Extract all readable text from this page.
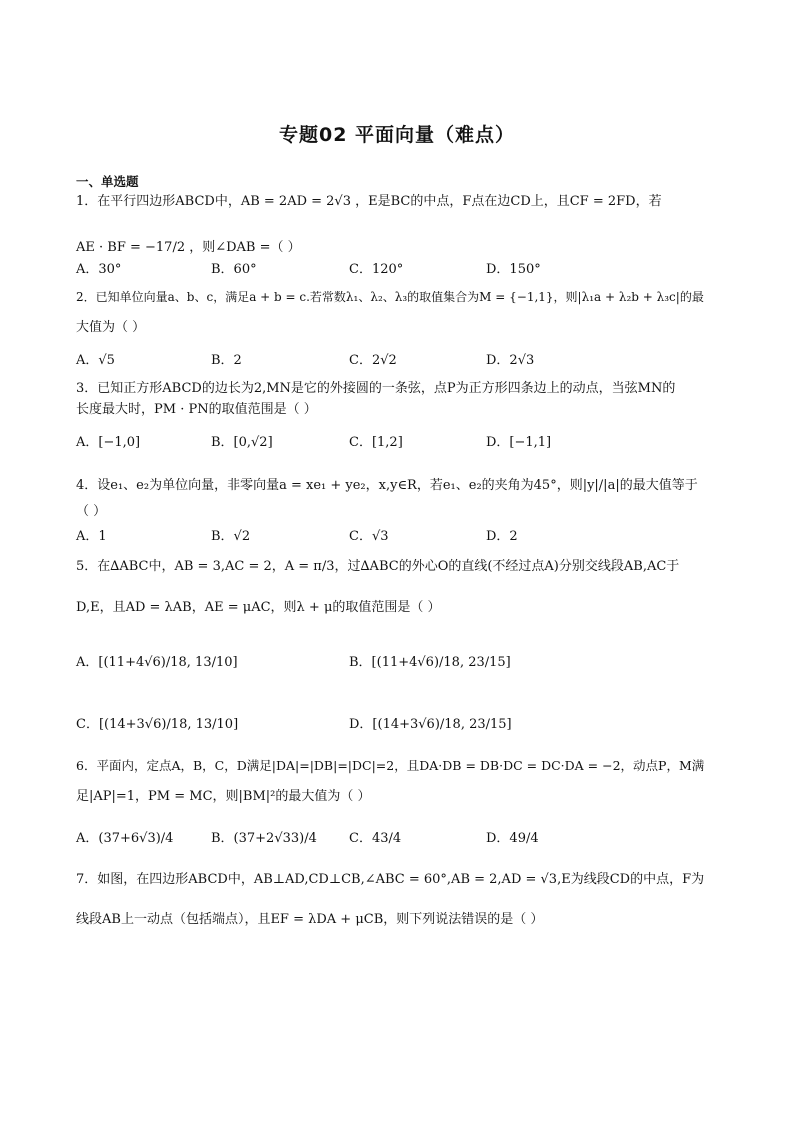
专题02 平面向量（难点）
一、单选题
1．在平行四边形ABCD中，AB = 2AD = 2√3 ，E是BC的中点，F点在边CD上，且CF = 2FD，若
AE · BF = −17/2 ，则∠DAB =（ ）
A．30°	B．60°	C．120°	D．150°
2．已知单位向量a、b、c，满足a + b = c.若常数λ₁、λ₂、λ₃的取值集合为M = {−1,1}，则|λ₁a + λ₂b + λ₃c|的最
大值为（ ）
A．√5	B．2	C．2√2	D．2√3
3．已知正方形ABCD的边长为2,MN是它的外接圆的一条弦，点P为正方形四条边上的动点，当弦MN的
长度最大时，PM · PN的取值范围是（ ）
A．[−1,0]	B．[0,√2]	C．[1,2]	D．[−1,1]
4．设e₁、e₂为单位向量，非零向量a = xe₁ + ye₂，x,y∈R，若e₁、e₂的夹角为45°，则|y|/|a|的最大值等于
（ ）
A．1	B．√2	C．√3	D．2
5．在∆ABC中，AB = 3,AC = 2，A = π/3，过∆ABC的外心O的直线(不经过点A)分别交线段AB,AC于
D,E，且AD = λAB，AE = μAC，则λ + μ的取值范围是（ ）
A．[(11+4√6)/18, 13/10]	B．[(11+4√6)/18, 23/15]
C．[(14+3√6)/18, 13/10]	D．[(14+3√6)/18, 23/15]
6．平面内，定点A，B，C，D满足|DA|=|DB|=|DC|=2，且DA·DB = DB·DC = DC·DA = −2，动点P，M满
足|AP|=1，PM = MC，则|BM|²的最大值为（ ）
A．(37+6√3)/4	B．(37+2√33)/4 C．43/4	D．49/4
7．如图，在四边形ABCD中，AB⊥AD,CD⊥CB,∠ABC = 60°,AB = 2,AD = √3,E为线段CD的中点，F为
线段AB上一动点（包括端点），且EF = λDA + μCB，则下列说法错误的是（ ）
